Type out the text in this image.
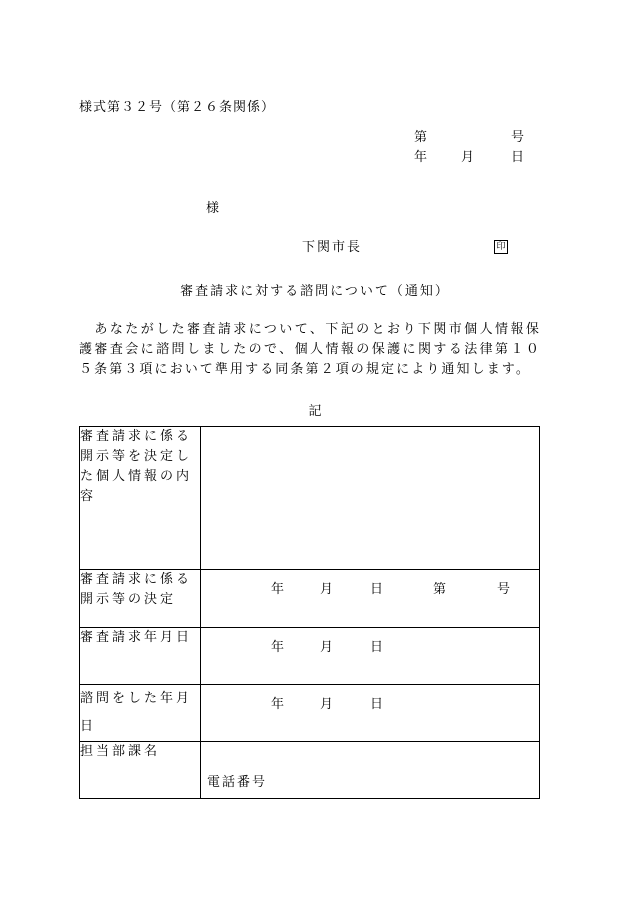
様式第３２号（第２６条関係）
第	号
年	月	日
様
下関市長	印
審査請求に対する諮問について（通知）
　あなたがした審査請求について、下記のとおり下関市個人情報保護審査会に諮問しましたので、個人情報の保護に関する法律第１０５条第３項において準用する同条第２項の規定により通知します。
記
審査請求に係る開示等を決定した個人情報の内容	
審査請求に係る開示等の決定	年 月 日 第 号

審査請求年月日	年 月 日

諮問をした年月日	年 月 日

担当部課名	電話番号
